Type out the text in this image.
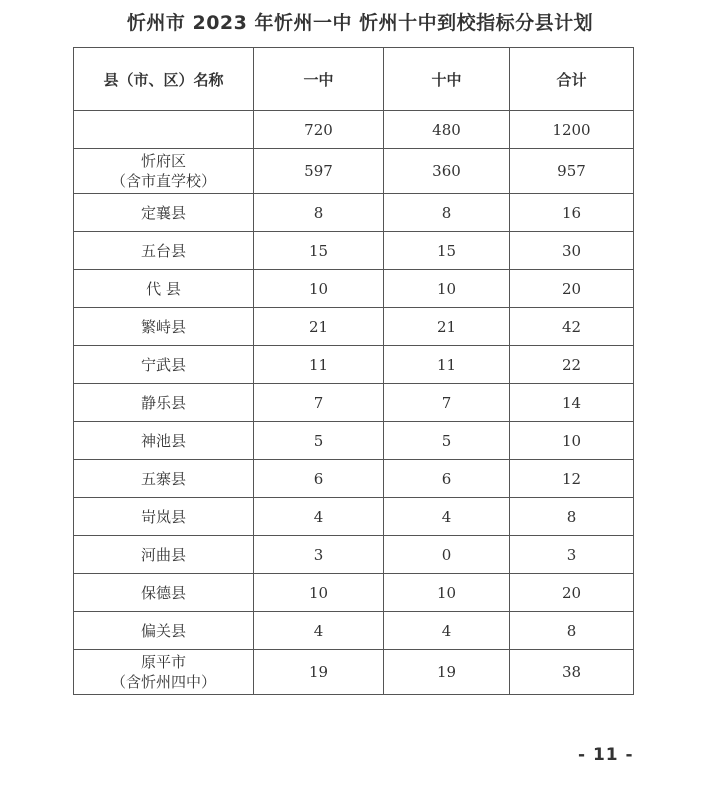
忻州市 2023 年忻州一中 忻州十中到校指标分县计划
县（市、区）名称	一中	十中	合计

	720	480	1200

忻府区
（含市直学校）	597	360	957

定襄县	8	8	16

五台县	15	15	30

代 县	10	10	20

繁峙县	21	21	42

宁武县	11	11	22

静乐县	7	7	14

神池县	5	5	10

五寨县	6	6	12

岢岚县	4	4	8

河曲县	3	0	3

保德县	10	10	20

偏关县	4	4	8

原平市
（含忻州四中）	19	19	38
- 11 -
